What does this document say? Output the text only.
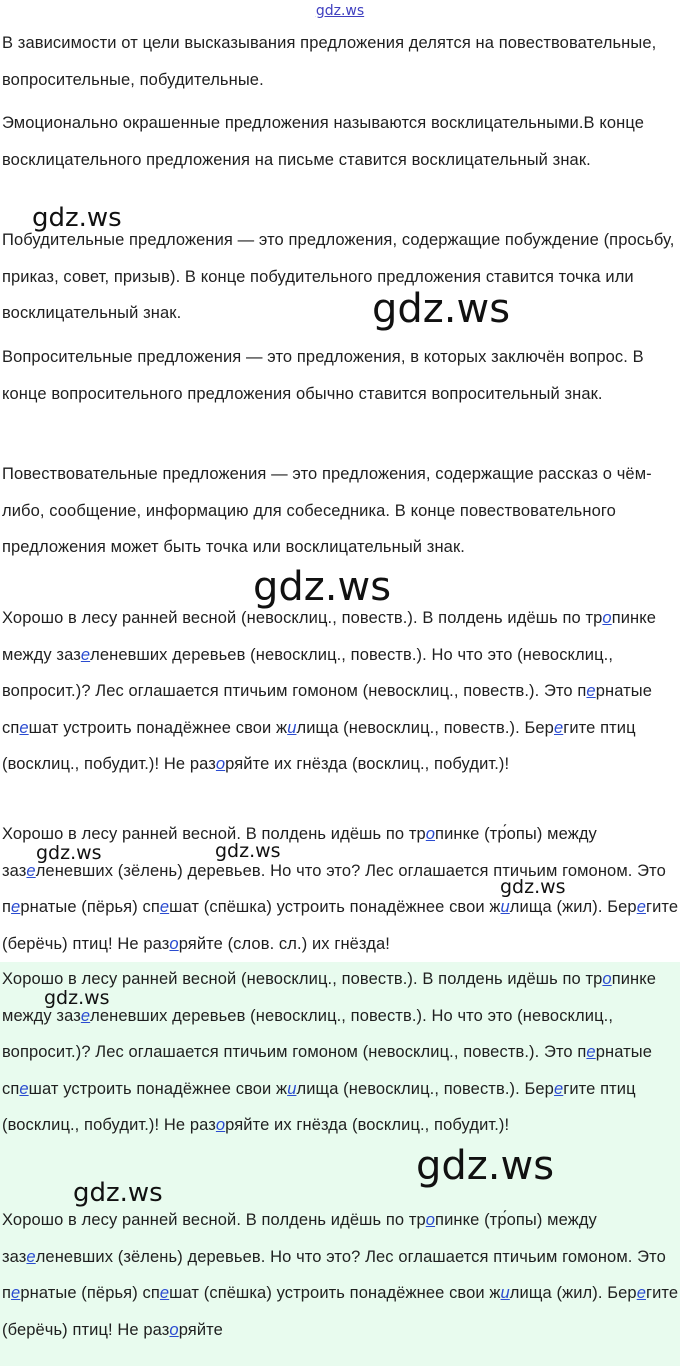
gdz.ws

В зависимости от цели высказывания предложения делятся на повествовательные, вопросительные, побудительные.

Эмоционально окрашенные предложения называются восклицательными.В конце восклицательного предложения на письме ставится восклицательный знак.

Побудительные предложения — это предложения, содержащие побуждение (просьбу, приказ, совет, призыв). В конце побудительного предложения ставится точка или восклицательный знак.

Вопросительные предложения — это предложения, в которых заключён вопрос. В конце вопросительного предложения обычно ставится вопросительный знак.

Повествовательные предложения — это предложения, содержащие рассказ о чём-либо, сообщение, информацию для собеседника. В конце повествовательного предложения может быть точка или восклицательный знак.

Хорошо в лесу ранней весной (невосклиц., повеств.). В полдень идёшь по тропинке между зазеленевших деревьев (невосклиц., повеств.). Но что это (невосклиц., вопросит.)? Лес оглашается птичьим гомоном (невосклиц., повеств.). Это пернатые спешат устроить понадёжнее свои жилища (невосклиц., повеств.). Берегите птиц (восклиц., побудит.)! Не разоряйте их гнёзда (восклиц., побудит.)!

Хорошо в лесу ранней весной. В полдень идёшь по тропинке (тр́опы) между зазеленевших (зёлень) деревьев. Но что это? Лес оглашается птичьим гомоном. Это пернатые (пёрья) спешат (спёшка) устроить понадёжнее свои жилища (жил). Берегите (берёчь) птиц! Не разоряйте (слов. сл.) их гнёзда!

Хорошо в лесу ранней весной (невосклиц., повеств.). В полдень идёшь по тропинке между зазеленевших деревьев (невосклиц., повеств.). Но что это (невосклиц., вопросит.)? Лес оглашается птичьим гомоном (невосклиц., повеств.). Это пернатые спешат устроить понадёжнее свои жилища (невосклиц., повеств.). Берегите птиц (восклиц., побудит.)! Не разоряйте их гнёзда (восклиц., побудит.)!

Хорошо в лесу ранней весной. В полдень идёшь по тропинке (тр́опы) между зазеленевших (зёлень) деревьев. Но что это? Лес оглашается птичьим гомоном. Это пернатые (пёрья) спешат (спёшка) устроить понадёжнее свои жилища (жил). Берегите (берёчь) птиц! Не разоряйте

gdz.ws
gdz.ws
gdz.ws
gdz.ws	gdz.ws
gdz.ws
gdz.ws
gdz.ws
gdz.ws
